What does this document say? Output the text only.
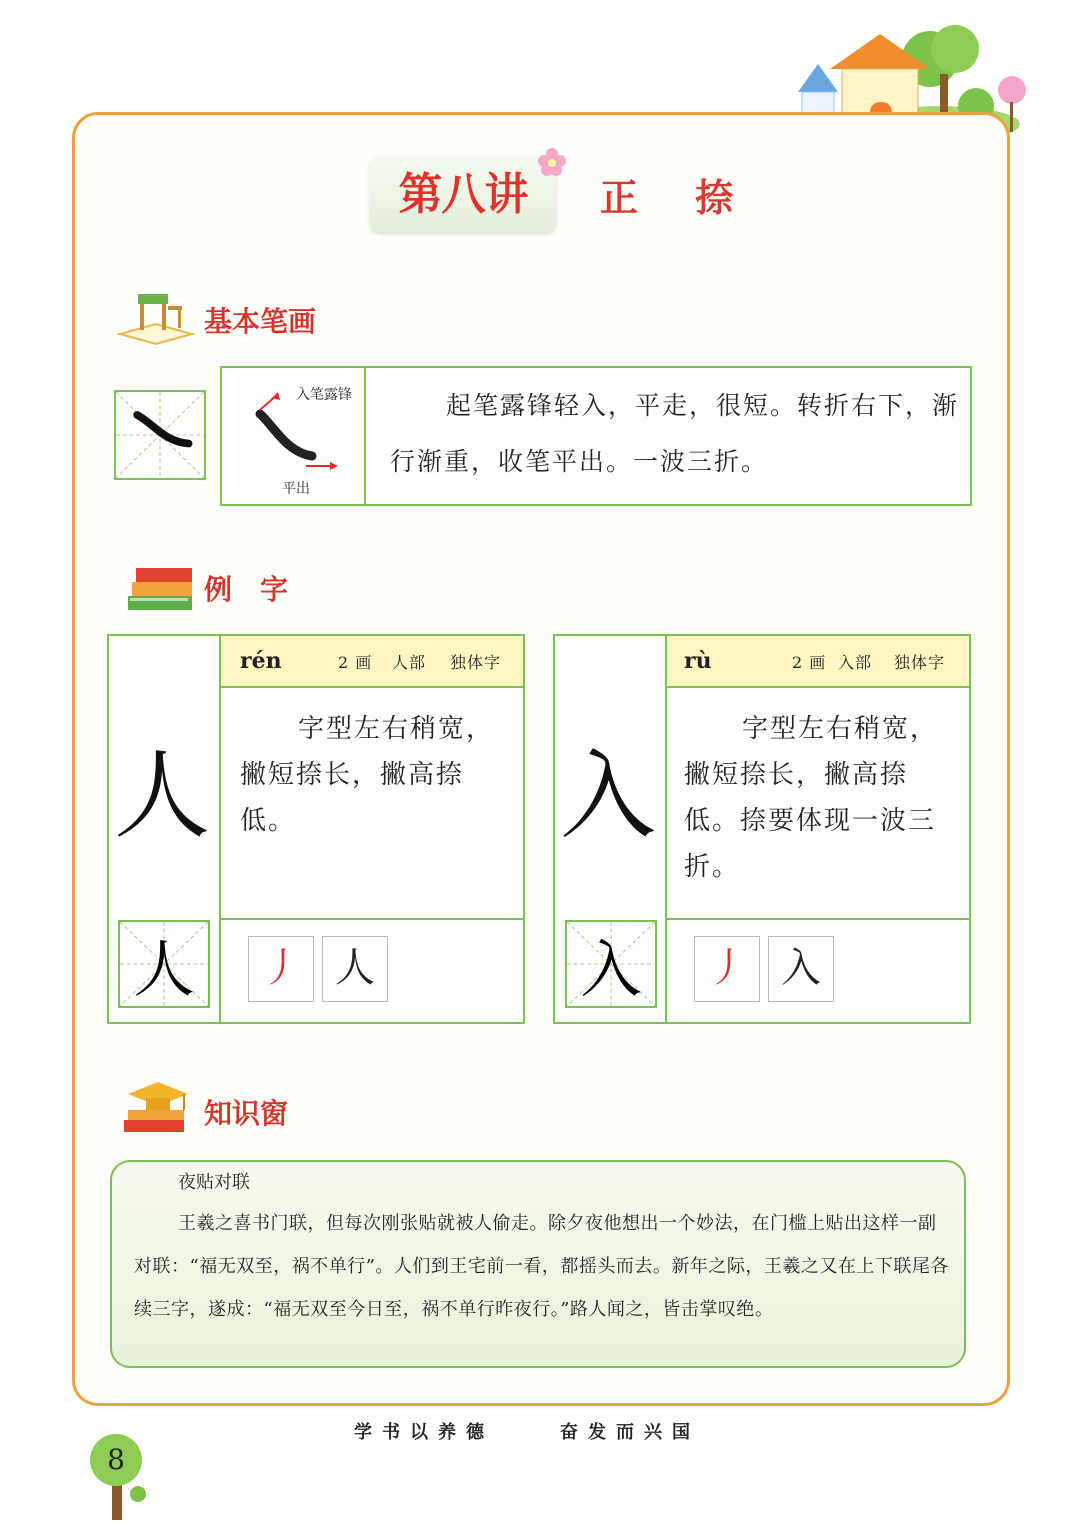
第八讲	正 捺
基本笔画
入笔露锋
平出
起笔露锋轻入，平走，很短。转折右下，渐行渐重，收笔平出。一波三折。
例　字
rén	2 画 人部 独体字
人
字型左右稍宽，撇短捺长，撇高捺低。
人	丿 人
rù	2 画 入部 独体字
入
字型左右稍宽，撇短捺长，撇高捺低。捺要体现一波三折。
入	丿 入
知识窗
夜贴对联
王羲之喜书门联，但每次刚张贴就被人偷走。除夕夜他想出一个妙法，在门槛上贴出这样一副对联：“福无双至，祸不单行”。人们到王宅前一看，都摇头而去。新年之际，王羲之又在上下联尾各续三字，遂成：“福无双至今日至，祸不单行昨夜行。”路人闻之，皆击掌叹绝。
学书以养德	奋发而兴国
8
